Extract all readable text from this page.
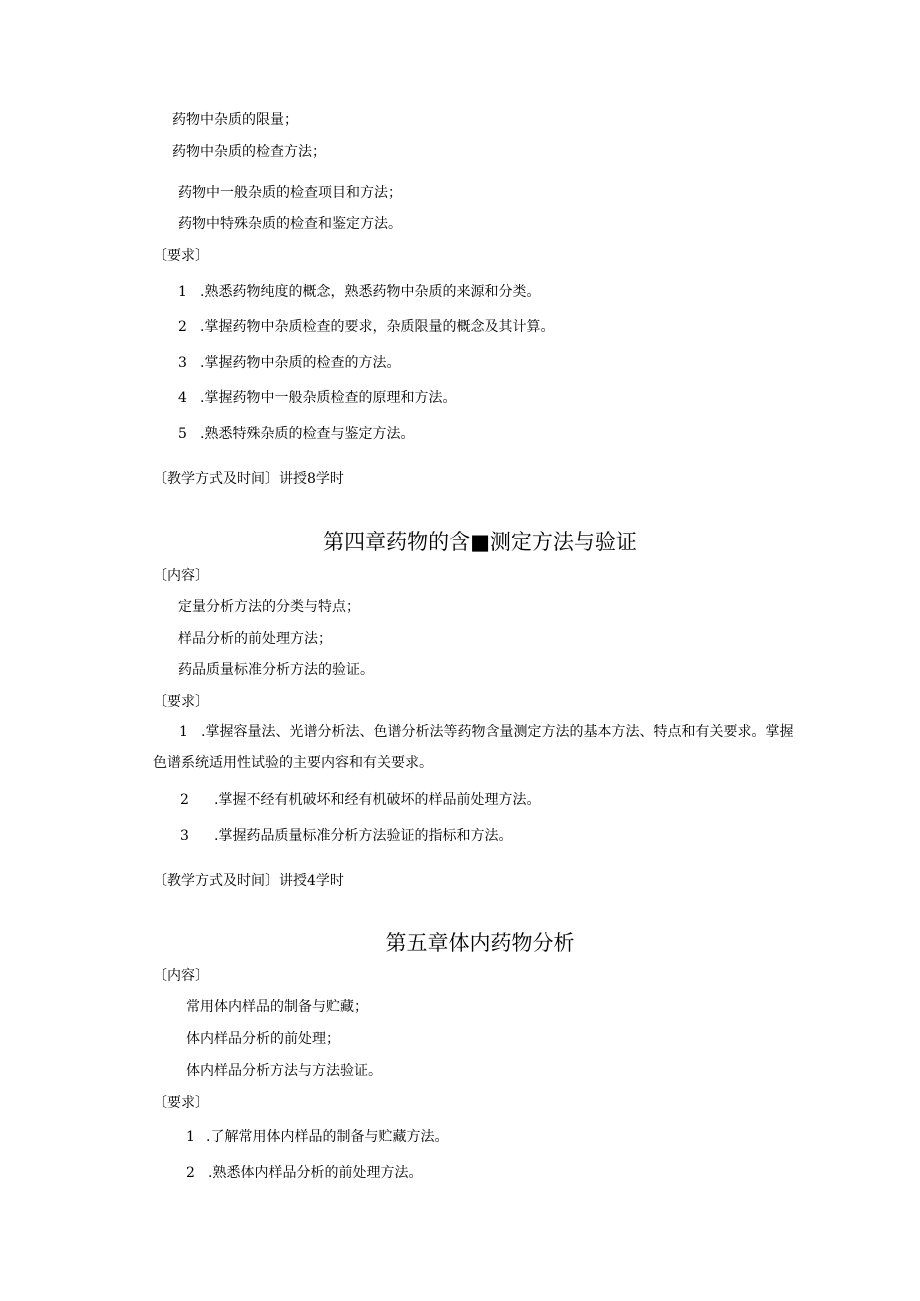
药物中杂质的限量；
药物中杂质的检查方法；
药物中一般杂质的检查项目和方法；
药物中特殊杂质的检查和鉴定方法。
〔要求〕
1 .熟悉药物纯度的概念，熟悉药物中杂质的来源和分类。
2 .掌握药物中杂质检查的要求，杂质限量的概念及其计算。
3 .掌握药物中杂质的检查的方法。
4 .掌握药物中一般杂质检查的原理和方法。
5 .熟悉特殊杂质的检查与鉴定方法。
〔教学方式及时间〕讲授8学时
第四章药物的含■测定方法与验证
〔内容〕
定量分析方法的分类与特点；
样品分析的前处理方法；
药品质量标准分析方法的验证。
〔要求〕
1 .掌握容量法、光谱分析法、色谱分析法等药物含量测定方法的基本方法、特点和有关要求。掌握色谱系统适用性试验的主要内容和有关要求。
2 .掌握不经有机破坏和经有机破坏的样品前处理方法。
3 .掌握药品质量标准分析方法验证的指标和方法。
〔教学方式及时间〕讲授4学时
第五章体内药物分析
〔内容〕
常用体内样品的制备与贮藏；
体内样品分析的前处理；
体内样品分析方法与方法验证。
〔要求〕
1 .了解常用体内样品的制备与贮藏方法。
2 .熟悉体内样品分析的前处理方法。
